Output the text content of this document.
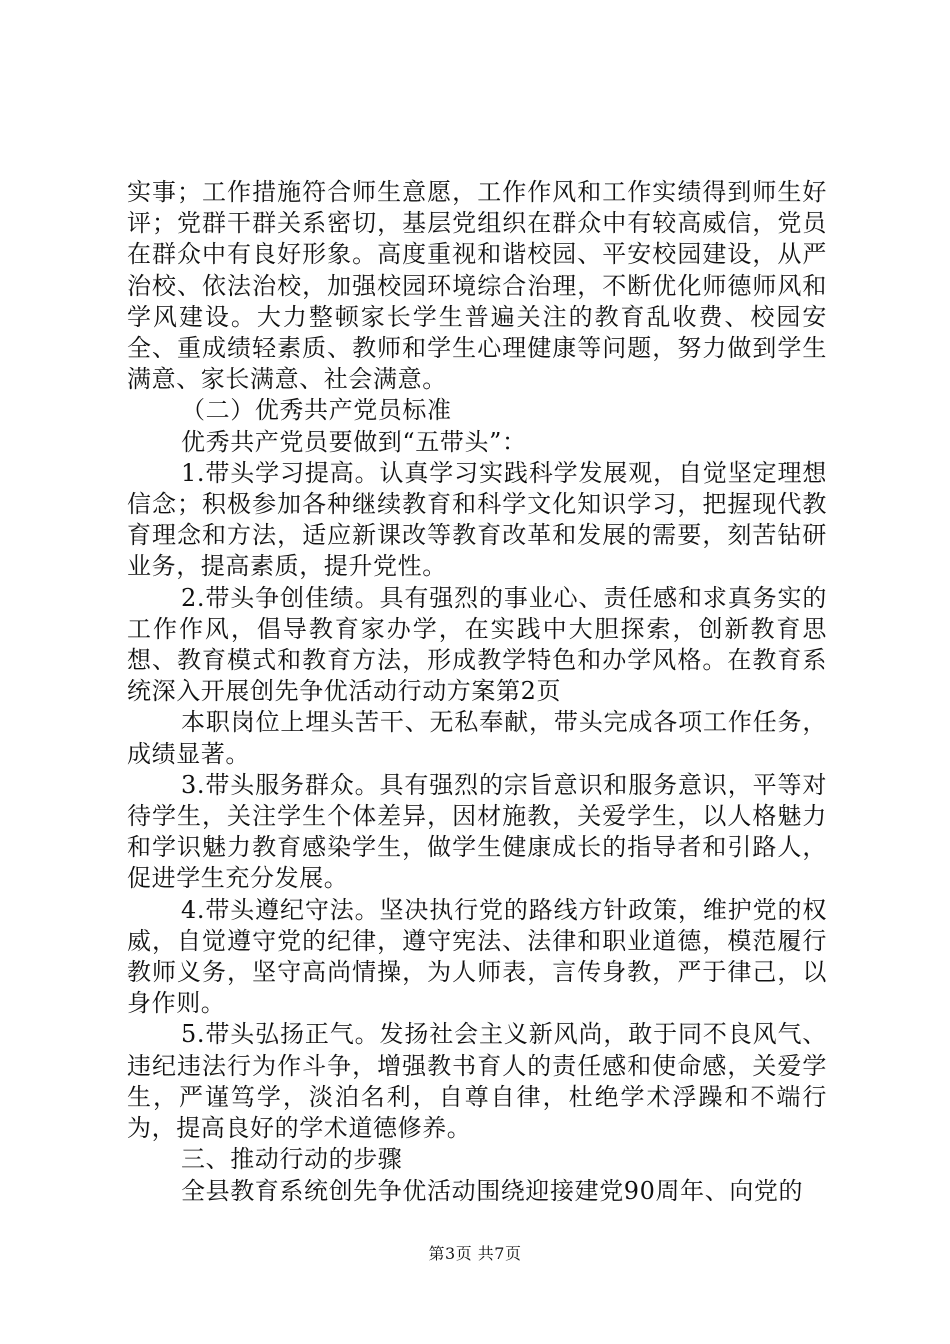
实事；工作措施符合师生意愿，工作作风和工作实绩得到师生好评；党群干群关系密切，基层党组织在群众中有较高威信，党员在群众中有良好形象。高度重视和谐校园、平安校园建设，从严治校、依法治校，加强校园环境综合治理，不断优化师德师风和学风建设。大力整顿家长学生普遍关注的教育乱收费、校园安全、重成绩轻素质、教师和学生心理健康等问题，努力做到学生满意、家长满意、社会满意。

（二）优秀共产党员标准

优秀共产党员要做到“五带头”：

1.带头学习提高。认真学习实践科学发展观，自觉坚定理想信念；积极参加各种继续教育和科学文化知识学习，把握现代教育理念和方法，适应新课改等教育改革和发展的需要，刻苦钻研业务，提高素质，提升党性。

2.带头争创佳绩。具有强烈的事业心、责任感和求真务实的工作作风，倡导教育家办学，在实践中大胆探索，创新教育思想、教育模式和教育方法，形成教学特色和办学风格。在教育系统深入开展创先争优活动行动方案第2页

本职岗位上埋头苦干、无私奉献，带头完成各项工作任务，成绩显著。

3.带头服务群众。具有强烈的宗旨意识和服务意识，平等对待学生，关注学生个体差异，因材施教，关爱学生，以人格魅力和学识魅力教育感染学生，做学生健康成长的指导者和引路人，促进学生充分发展。

4.带头遵纪守法。坚决执行党的路线方针政策，维护党的权威，自觉遵守党的纪律，遵守宪法、法律和职业道德，模范履行教师义务，坚守高尚情操，为人师表，言传身教，严于律己，以身作则。

5.带头弘扬正气。发扬社会主义新风尚，敢于同不良风气、违纪违法行为作斗争，增强教书育人的责任感和使命感，关爱学生，严谨笃学，淡泊名利，自尊自律，杜绝学术浮躁和不端行为，提高良好的学术道德修养。

三、推动行动的步骤

全县教育系统创先争优活动围绕迎接建党90周年、向党的

第3页 共7页
